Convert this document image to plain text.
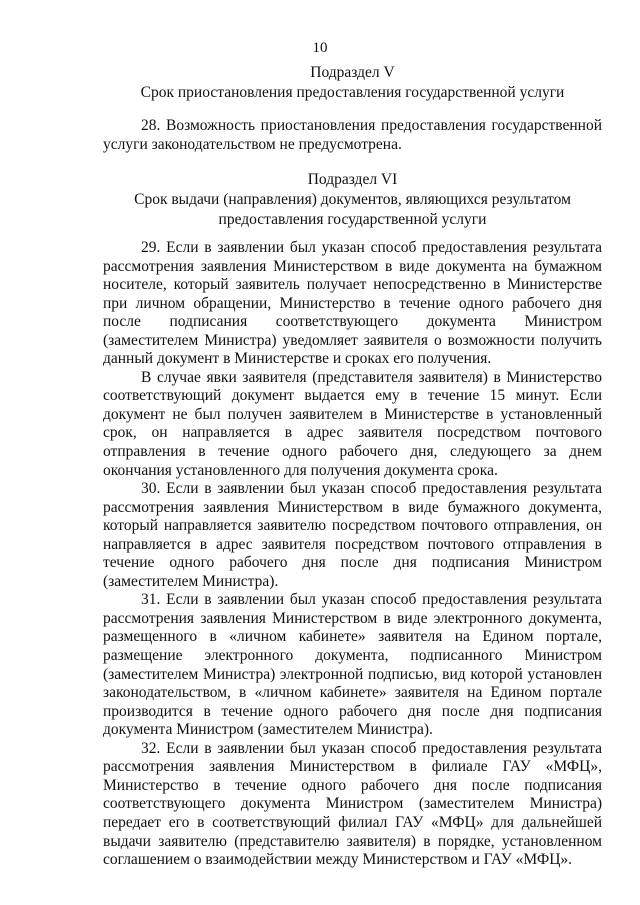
10
Подраздел V
Срок приостановления предоставления государственной услуги

28. Возможность приостановления предоставления государственной услуги законодательством не предусмотрена.

Подраздел VI
Срок выдачи (направления) документов, являющихся результатом
предоставления государственной услуги

29. Если в заявлении был указан способ предоставления результата рассмотрения заявления Министерством в виде документа на бумажном носителе, который заявитель получает непосредственно в Министерстве при личном обращении, Министерство в течение одного рабочего дня после подписания соответствующего документа Министром (заместителем Министра) уведомляет заявителя о возможности получить данный документ в Министерстве и сроках его получения.

В случае явки заявителя (представителя заявителя) в Министерство соответствующий документ выдается ему в течение 15 минут. Если документ не был получен заявителем в Министерстве в установленный срок, он направляется в адрес заявителя посредством почтового отправления в течение одного рабочего дня, следующего за днем окончания установленного для получения документа срока.

30. Если в заявлении был указан способ предоставления результата рассмотрения заявления Министерством в виде бумажного документа, который направляется заявителю посредством почтового отправления, он направляется в адрес заявителя посредством почтового отправления в течение одного рабочего дня после дня подписания Министром (заместителем Министра).

31. Если в заявлении был указан способ предоставления результата рассмотрения заявления Министерством в виде электронного документа, размещенного в «личном кабинете» заявителя на Едином портале, размещение электронного документа, подписанного Министром (заместителем Министра) электронной подписью, вид которой установлен законодательством, в «личном кабинете» заявителя на Едином портале производится в течение одного рабочего дня после дня подписания документа Министром (заместителем Министра).

32. Если в заявлении был указан способ предоставления результата рассмотрения заявления Министерством в филиале ГАУ «МФЦ», Министерство в течение одного рабочего дня после подписания соответствующего документа Министром (заместителем Министра) передает его в соответствующий филиал ГАУ «МФЦ» для дальнейшей выдачи заявителю (представителю заявителя) в порядке, установленном соглашением о взаимодействии между Министерством и ГАУ «МФЦ».
